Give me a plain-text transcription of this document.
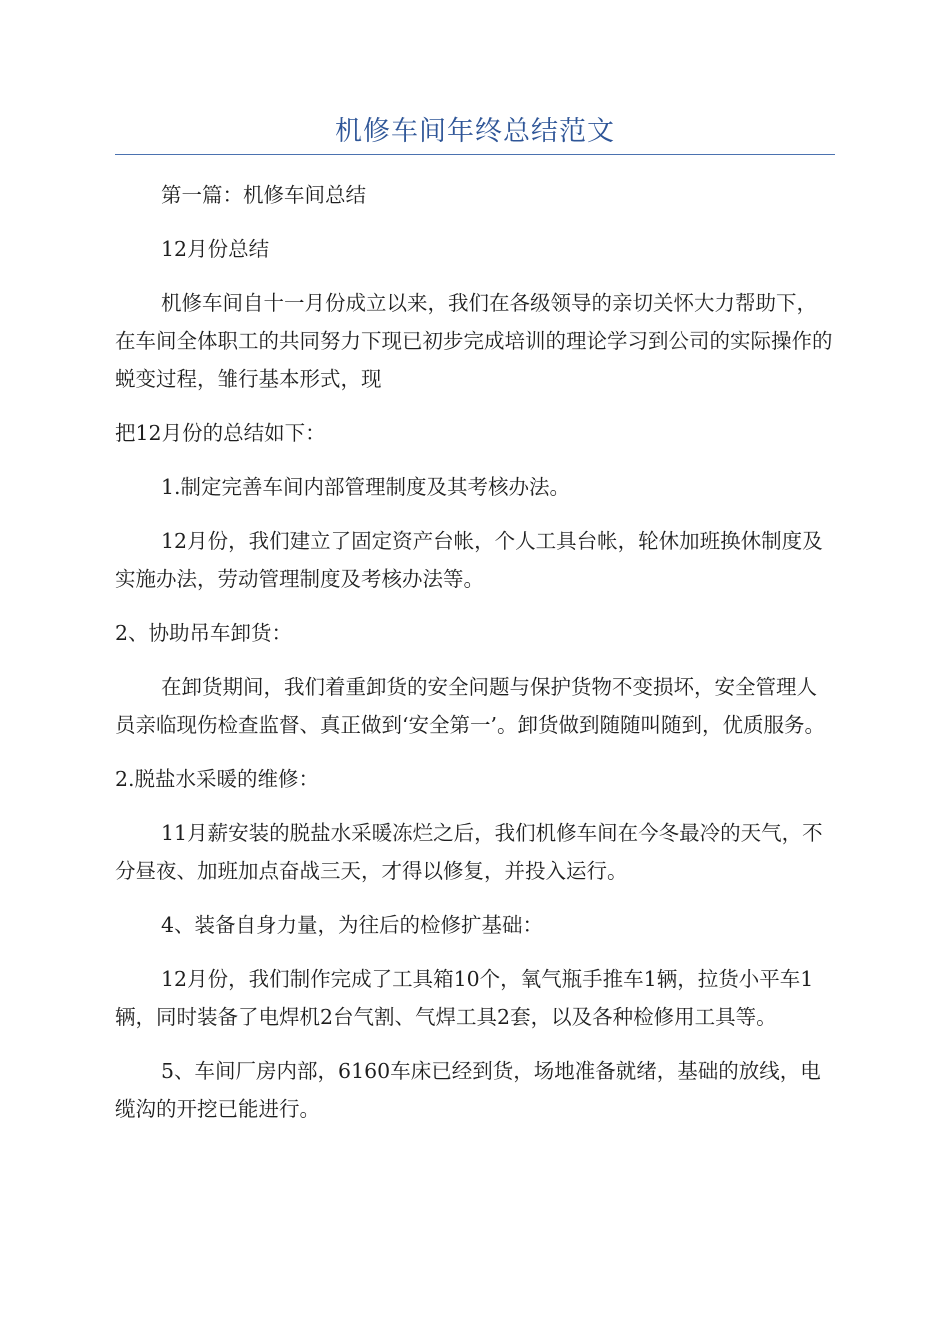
机修车间年终总结范文

第一篇：机修车间总结

12月份总结

机修车间自十一月份成立以来，我们在各级领导的亲切关怀大力帮助下，在车间全体职工的共同努力下现已初步完成培训的理论学习到公司的实际操作的蜕变过程，雏行基本形式，现

把12月份的总结如下：

1.制定完善车间内部管理制度及其考核办法。

12月份，我们建立了固定资产台帐，个人工具台帐，轮休加班换休制度及实施办法，劳动管理制度及考核办法等。

2、协助吊车卸货：

在卸货期间，我们着重卸货的安全问题与保护货物不变损坏，安全管理人员亲临现伤检查监督、真正做到‘安全第一’。卸货做到随随叫随到，优质服务。

2.脱盐水采暖的维修：

11月薪安装的脱盐水采暖冻烂之后，我们机修车间在今冬最冷的天气，不分昼夜、加班加点奋战三天，才得以修复，并投入运行。

4、装备自身力量，为往后的检修扩基础：

12月份，我们制作完成了工具箱10个，氧气瓶手推车1辆，拉货小平车1辆，同时装备了电焊机2台气割、气焊工具2套，以及各种检修用工具等。

5、车间厂房内部，6160车床已经到货，场地准备就绪，基础的放线，电缆沟的开挖已能进行。
